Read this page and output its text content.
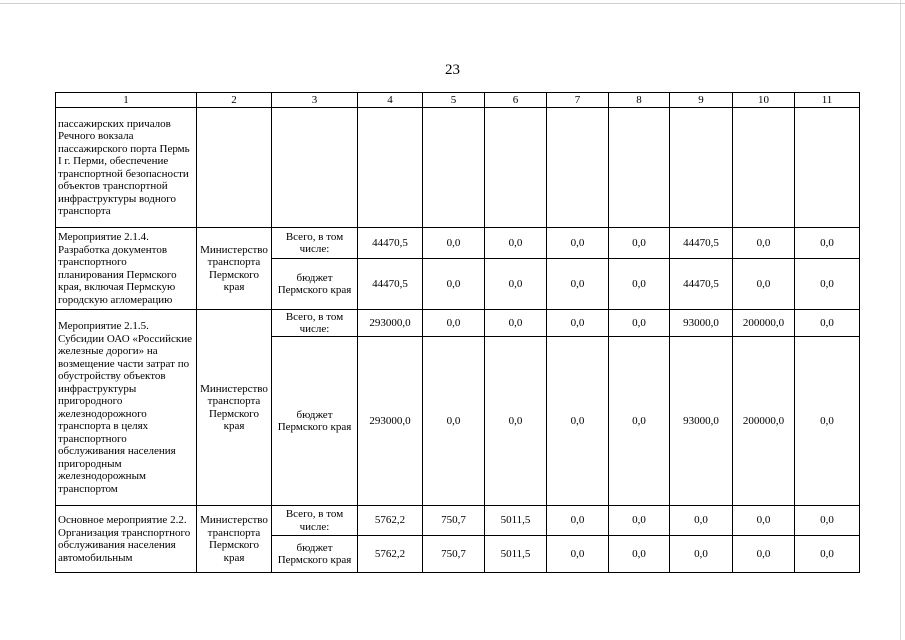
23
1	2	3	4	5	6	7	8	9	10	11
пассажирских причалов Речного вокзала пассажирского порта Пермь I г. Перми, обеспечение транспортной безопасности объектов транспортной инфраструктуры водного транспорта										
Мероприятие 2.1.4. Разработка документов транспортного планирования Пермского края, включая Пермскую городскую агломерацию	Министерство транспорта Пермского края	Всего, в том числе:	44470,5	0,0	0,0	0,0	0,0	44470,5	0,0	0,0
		бюджет Пермского края	44470,5	0,0	0,0	0,0	0,0	44470,5	0,0	0,0
Мероприятие 2.1.5. Субсидии ОАО «Российские железные дороги» на возмещение части затрат по обустройству объектов инфраструктуры пригородного железнодорожного транспорта в целях транспортного обслуживания населения пригородным железнодорожным транспортом	Министерство транспорта Пермского края	Всего, в том числе:	293000,0	0,0	0,0	0,0	0,0	93000,0	200000,0	0,0
		бюджет Пермского края	293000,0	0,0	0,0	0,0	0,0	93000,0	200000,0	0,0
Основное мероприятие 2.2. Организация транспортного обслуживания населения автомобильным	Министерство транспорта Пермского края	Всего, в том числе:	5762,2	750,7	5011,5	0,0	0,0	0,0	0,0	0,0
		бюджет Пермского края	5762,2	750,7	5011,5	0,0	0,0	0,0	0,0	0,0
